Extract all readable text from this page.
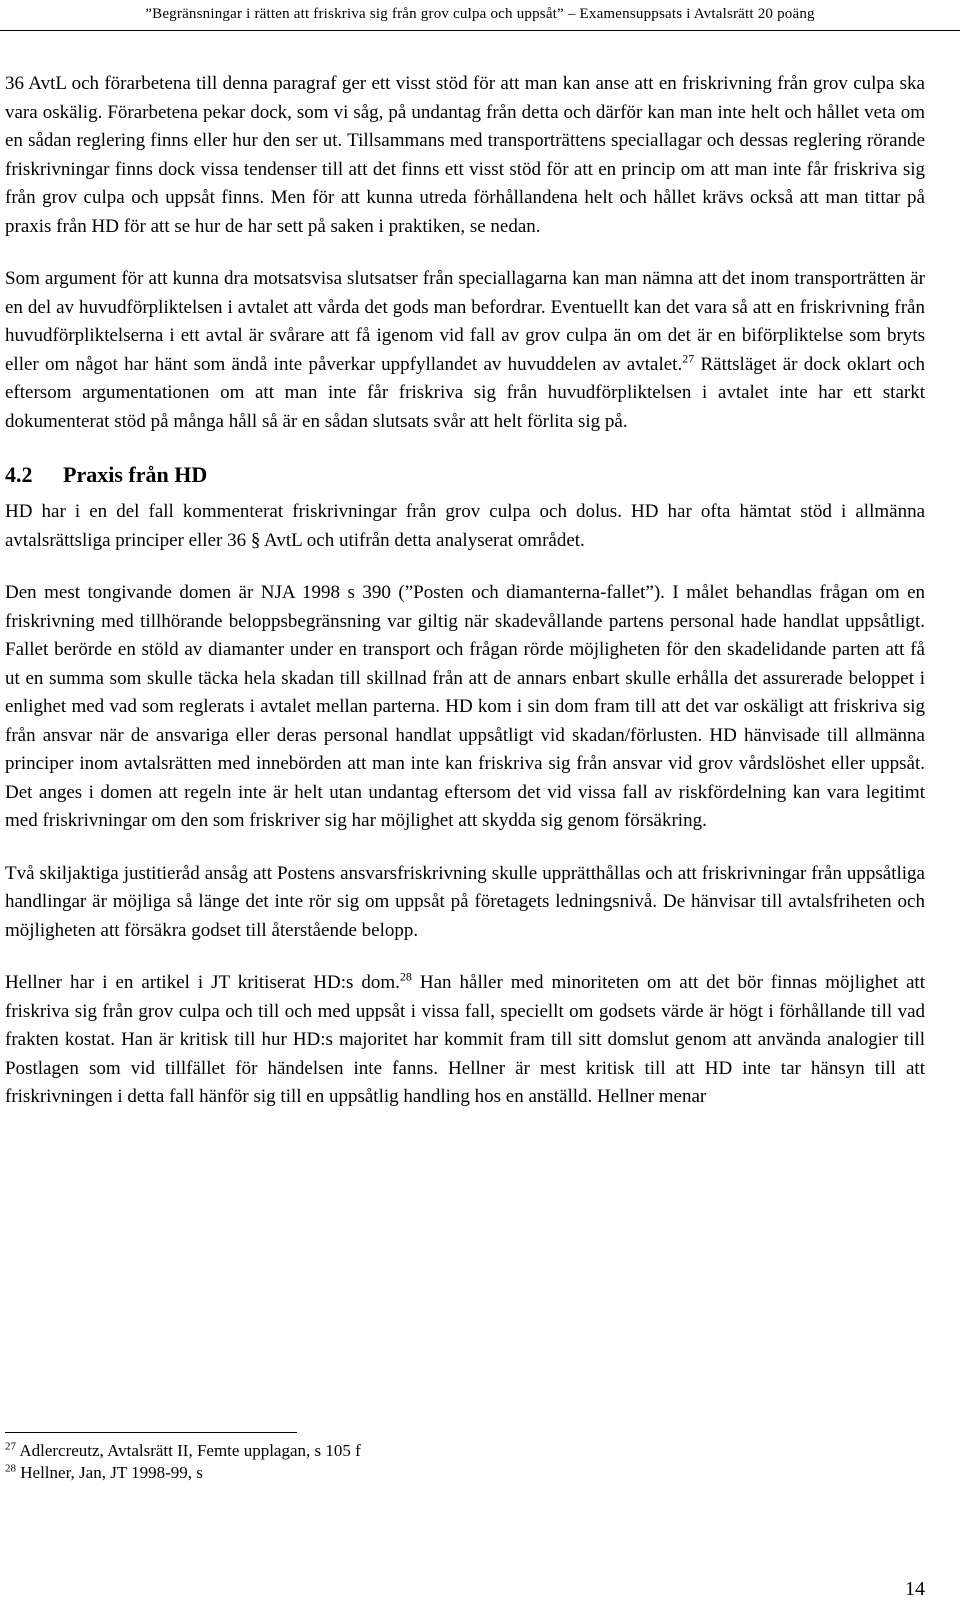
”Begränsningar i rätten att friskriva sig från grov culpa och uppsåt” – Examensuppsats i Avtalsrätt 20 poäng

36 AvtL och förarbetena till denna paragraf ger ett visst stöd för att man kan anse att en friskrivning från grov culpa ska vara oskälig. Förarbetena pekar dock, som vi såg, på undantag från detta och därför kan man inte helt och hållet veta om en sådan reglering finns eller hur den ser ut. Tillsammans med transporträttens speciallagar och dessas reglering rörande friskrivningar finns dock vissa tendenser till att det finns ett visst stöd för att en princip om att man inte får friskriva sig från grov culpa och uppsåt finns. Men för att kunna utreda förhållandena helt och hållet krävs också att man tittar på praxis från HD för att se hur de har sett på saken i praktiken, se nedan.

Som argument för att kunna dra motsatsvisa slutsatser från speciallagarna kan man nämna att det inom transporträtten är en del av huvudförpliktelsen i avtalet att vårda det gods man befordrar. Eventuellt kan det vara så att en friskrivning från huvudförpliktelserna i ett avtal är svårare att få igenom vid fall av grov culpa än om det är en biförpliktelse som bryts eller om något har hänt som ändå inte påverkar uppfyllandet av huvuddelen av avtalet.$^{27}$ Rättsläget är dock oklart och eftersom argumentationen om att man inte får friskriva sig från huvudförpliktelsen i avtalet inte har ett starkt dokumenterat stöd på många håll så är en sådan slutsats svår att helt förlita sig på.

4.2 Praxis från HD

HD har i en del fall kommenterat friskrivningar från grov culpa och dolus. HD har ofta hämtat stöd i allmänna avtalsrättsliga principer eller 36 § AvtL och utifrån detta analyserat området.

Den mest tongivande domen är NJA 1998 s 390 (”Posten och diamanterna-fallet”). I målet behandlas frågan om en friskrivning med tillhörande beloppsbegränsning var giltig när skadevållande partens personal hade handlat uppsåtligt. Fallet berörde en stöld av diamanter under en transport och frågan rörde möjligheten för den skadelidande parten att få ut en summa som skulle täcka hela skadan till skillnad från att de annars enbart skulle erhålla det assurerade beloppet i enlighet med vad som reglerats i avtalet mellan parterna. HD kom i sin dom fram till att det var oskäligt att friskriva sig från ansvar när de ansvariga eller deras personal handlat uppsåtligt vid skadan/förlusten. HD hänvisade till allmänna principer inom avtalsrätten med innebörden att man inte kan friskriva sig från ansvar vid grov vårdslöshet eller uppsåt. Det anges i domen att regeln inte är helt utan undantag eftersom det vid vissa fall av riskfördelning kan vara legitimt med friskrivningar om den som friskriver sig har möjlighet att skydda sig genom försäkring.

Två skiljaktiga justitieråd ansåg att Postens ansvarsfriskrivning skulle upprätthållas och att friskrivningar från uppsåtliga handlingar är möjliga så länge det inte rör sig om uppsåt på företagets ledningsnivå. De hänvisar till avtalsfriheten och möjligheten att försäkra godset till återstående belopp.

Hellner har i en artikel i JT kritiserat HD:s dom.$^{28}$ Han håller med minoriteten om att det bör finnas möjlighet att friskriva sig från grov culpa och till och med uppsåt i vissa fall, speciellt om godsets värde är högt i förhållande till vad frakten kostat. Han är kritisk till hur HD:s majoritet har kommit fram till sitt domslut genom att använda analogier till Postlagen som vid tillfället för händelsen inte fanns. Hellner är mest kritisk till att HD inte tar hänsyn till att friskrivningen i detta fall hänför sig till en uppsåtlig handling hos en anställd. Hellner menar

$^{27}$ Adlercreutz, Avtalsrätt II, Femte upplagan, s 105 f

$^{28}$ Hellner, Jan, JT 1998-99, s

14
